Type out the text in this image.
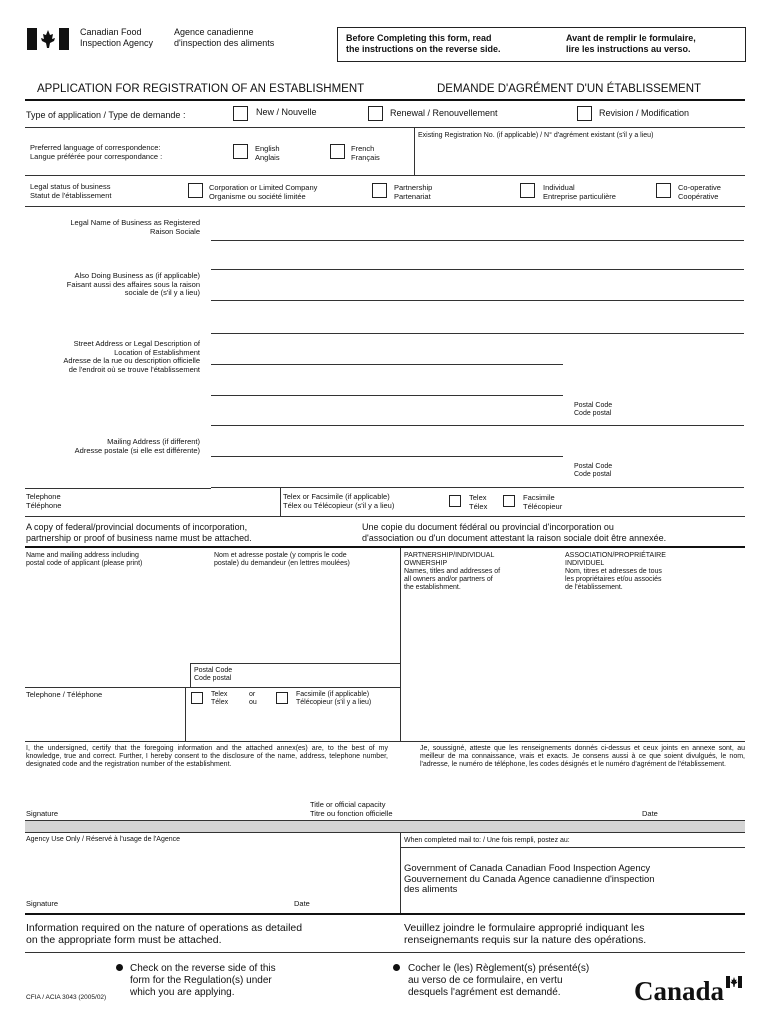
Canadian Food
Inspection Agency
Agence canadienne
d'inspection des aliments	Before Completing this form, read
the instructions on the reverse side.
Avant de remplir le formulaire,
lire les instructions au verso.
APPLICATION FOR REGISTRATION OF AN ESTABLISHMENT	DEMANDE D'AGRÉMENT D'UN ÉTABLISSEMENT
Type of application / Type de demande :	New / Nouvelle	Renewal / Renouvellement	Revision / Modification
Preferred language of correspondence:
Langue préférée pour correspondance :
English
Anglais
French
Français
Existing Registration No. (if applicable) / N° d'agrément existant (s'il y a lieu)
Legal status of business
Statut de l'établissement
Corporation or Limited Company
Organisme ou société limitée
Partnership
Partenariat
Individual
Entreprise particulière
Co-operative
Coopérative
Legal Name of Business as Registered
Raison Sociale
Also Doing Business as (if applicable)
Faisant aussi des affaires sous la raison
sociale de (s'il y a lieu)
Street Address or Legal Description of
Location of Establishment
Adresse de la rue ou description officielle
de l'endroit où se trouve l'établissement
Postal Code
Code postal
Mailing Address (if different)
Adresse postale (si elle est différente)
Postal Code
Code postal
Telephone
Téléphone
Telex or Facsimile (if applicable)
Télex ou Télécopieur (s'il y a lieu)
Telex
Télex
Facsimile
Télécopieur
A copy of federal/provincial documents of incorporation,
partnership or proof of business name must be attached.
Une copie du document fédéral ou provincial d'incorporation ou
d'association ou d'un document attestant la raison sociale doit être annexée.
Name and mailing address including
postal code of applicant (please print)
Nom et adresse postale (y compris le code
postale) du demandeur (en lettres moulées)
PARTNERSHIP/INDIVIDUAL
OWNERSHIP
Names, titles and addresses of
all owners and/or partners of
the establishment.
ASSOCIATION/PROPRIÉTAIRE
INDIVIDUEL
Nom, titres et adresses de tous
les propriétaires et/ou associés
de l'établissement.
Postal Code
Code postal
Telephone / Téléphone	Telex
Télex
or
ou
Facsimile (if applicable)
Télécopieur (s'il y a lieu)
I, the undersigned, certify that the foregoing information and the attached annex(es) are, to the best of my knowledge, true and correct. Further, I hereby consent to the disclosure of the name, address, telephone number, designated code and the registration number of the establishment.
Je, soussigné, atteste que les renseignements donnés ci-dessus et ceux joints en annexe sont, au meilleur de ma connaissance, vrais et exacts. Je consens aussi à ce que soient divulgués, le nom, l'adresse, le numéro de téléphone, les codes désignés et le numéro d'agrément de l'établissement.
Signature
Title or official capacity
Titre ou fonction officielle	Date
Agency Use Only / Réservé à l'usage de l'Agence	When completed mail to: / Une fois rempli, postez au:
Government of Canada Canadian Food Inspection Agency
Gouvernement du Canada Agence canadienne d'inspection
des aliments
Signature	Date
Information required on the nature of operations as detailed
on the appropriate form must be attached.
Veuillez joindre le formulaire approprié indiquant les
renseignemants requis sur la nature des opérations.
Check on the reverse side of this
form for the Regulation(s) under
which you are applying.
Cocher le (les) Règlement(s) présenté(s)
au verso de ce formulaire, en vertu
desquels l'agrément est demandé.
CFIA / ACIA 3043 (2005/02)	Canada
